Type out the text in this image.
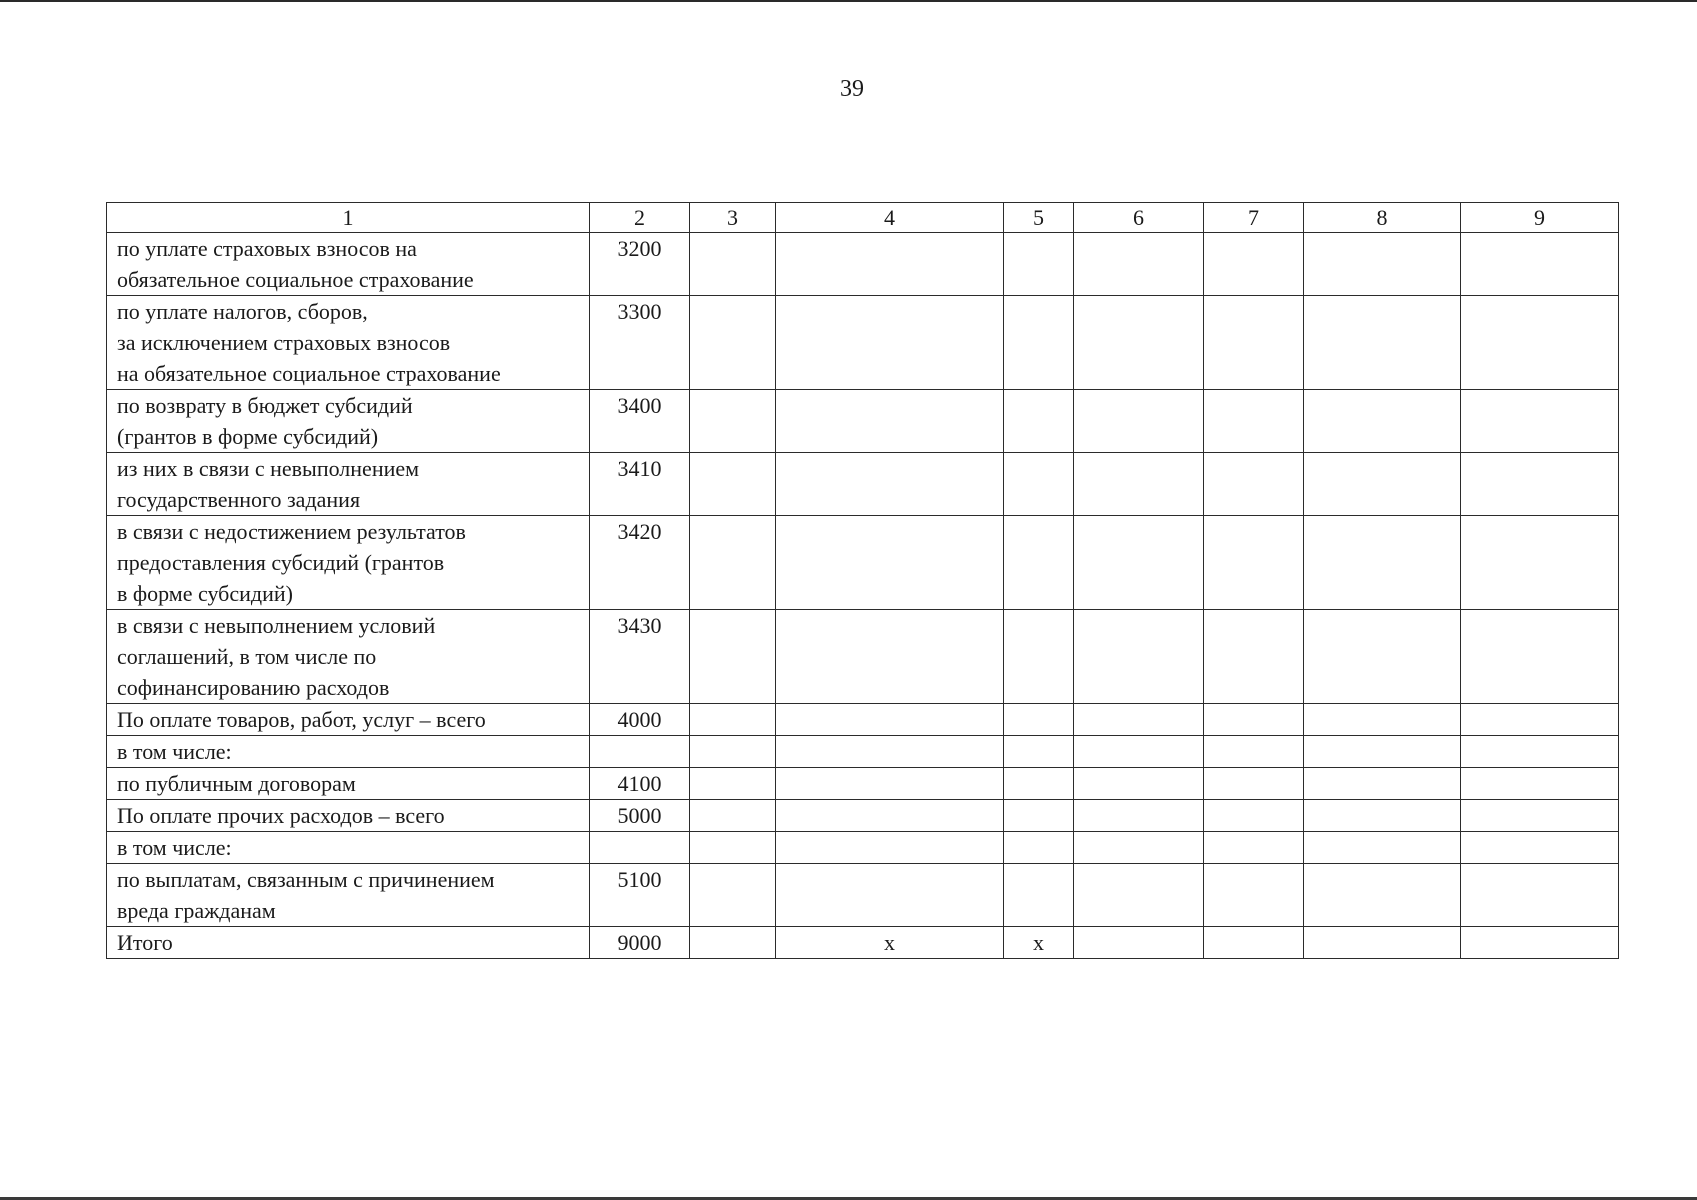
39
1	2	3	4	5	6	7	8	9

по уплате страховых взносов на
обязательное социальное страхование	3200							

по уплате налогов, сборов,
за исключением страховых взносов
на обязательное социальное страхование	3300							

по возврату в бюджет субсидий
(грантов в форме субсидий)	3400							

из них в связи с невыполнением
государственного задания	3410							

в связи с недостижением результатов
предоставления субсидий (грантов
в форме субсидий)	3420							

в связи с невыполнением условий
соглашений, в том числе по
софинансированию расходов	3430							

По оплате товаров, работ, услуг – всего	4000							

в том числе:								

по публичным договорам	4100							

По оплате прочих расходов – всего	5000							

в том числе:								

по выплатам, связанным с причинением
вреда гражданам	5100							

Итого	9000		х	х				
